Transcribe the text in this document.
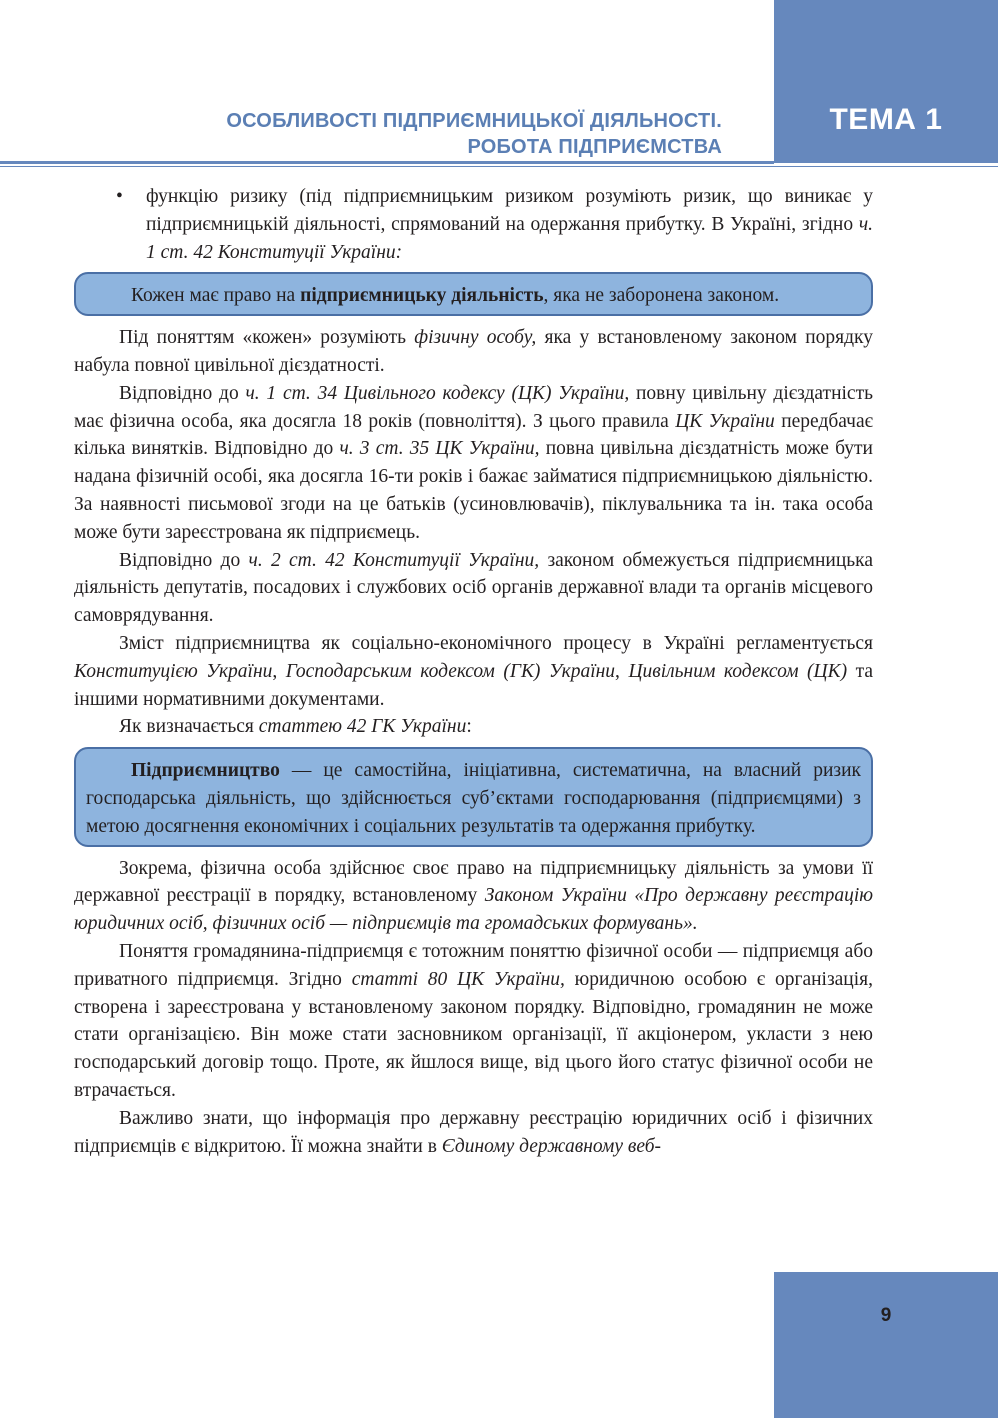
ОСОБЛИВОСТІ ПІДПРИЄМНИЦЬКОЇ ДІЯЛЬНОСТІ.
РОБОТА ПІДПРИЄМСТВА
ТЕМА 1

• функцію ризику (під підприємницьким ризиком розуміють ризик, що виникає у підприємницькій діяльності, спрямований на одержання прибутку. В Україні, згідно ч. 1 ст. 42 Конституції України:

Кожен має право на підприємницьку діяльність, яка не заборонена законом.

Під поняттям «кожен» розуміють фізичну особу, яка у встановленому законом порядку набула повної цивільної дієздатності.

Відповідно до ч. 1 ст. 34 Цивільного кодексу (ЦК) України, повну цивільну дієздатність має фізична особа, яка досягла 18 років (повноліття). З цього правила ЦК України передбачає кілька винятків. Відповідно до ч. 3 ст. 35 ЦК України, повна цивільна дієздатність може бути надана фізичній особі, яка досягла 16-ти років і бажає займатися підприємницькою діяльністю. За наявності письмової згоди на це батьків (усиновлювачів), піклувальника та ін. така особа може бути зареєстрована як підприємець.

Відповідно до ч. 2 ст. 42 Конституції України, законом обмежується підприємницька діяльність депутатів, посадових і службових осіб органів державної влади та органів місцевого самоврядування.

Зміст підприємництва як соціально-економічного процесу в Україні регламентується Конституцією України, Господарським кодексом (ГК) України, Цивільним кодексом (ЦК) та іншими нормативними документами.

Як визначається статтею 42 ГК України:

Підприємництво — це самостійна, ініціативна, систематична, на власний ризик господарська діяльність, що здійснюється суб’єктами господарювання (підприємцями) з метою досягнення економічних і соціальних результатів та одержання прибутку.

Зокрема, фізична особа здійснює своє право на підприємницьку діяльність за умови її державної реєстрації в порядку, встановленому Законом України «Про державну реєстрацію юридичних осіб, фізичних осіб — підприємців та громадських формувань».

Поняття громадянина-підприємця є тотожним поняттю фізичної особи — підприємця або приватного підприємця. Згідно статті 80 ЦК України, юридичною особою є організація, створена і зареєстрована у встановленому законом порядку. Відповідно, громадянин не може стати організацією. Він може стати засновником організації, її акціонером, укласти з нею господарський договір тощо. Проте, як йшлося вище, від цього його статус фізичної особи не втрачається.

Важливо знати, що інформація про державну реєстрацію юридичних осіб і фізичних підприємців є відкритою. Її можна знайти в Єдиному державному веб-

9
